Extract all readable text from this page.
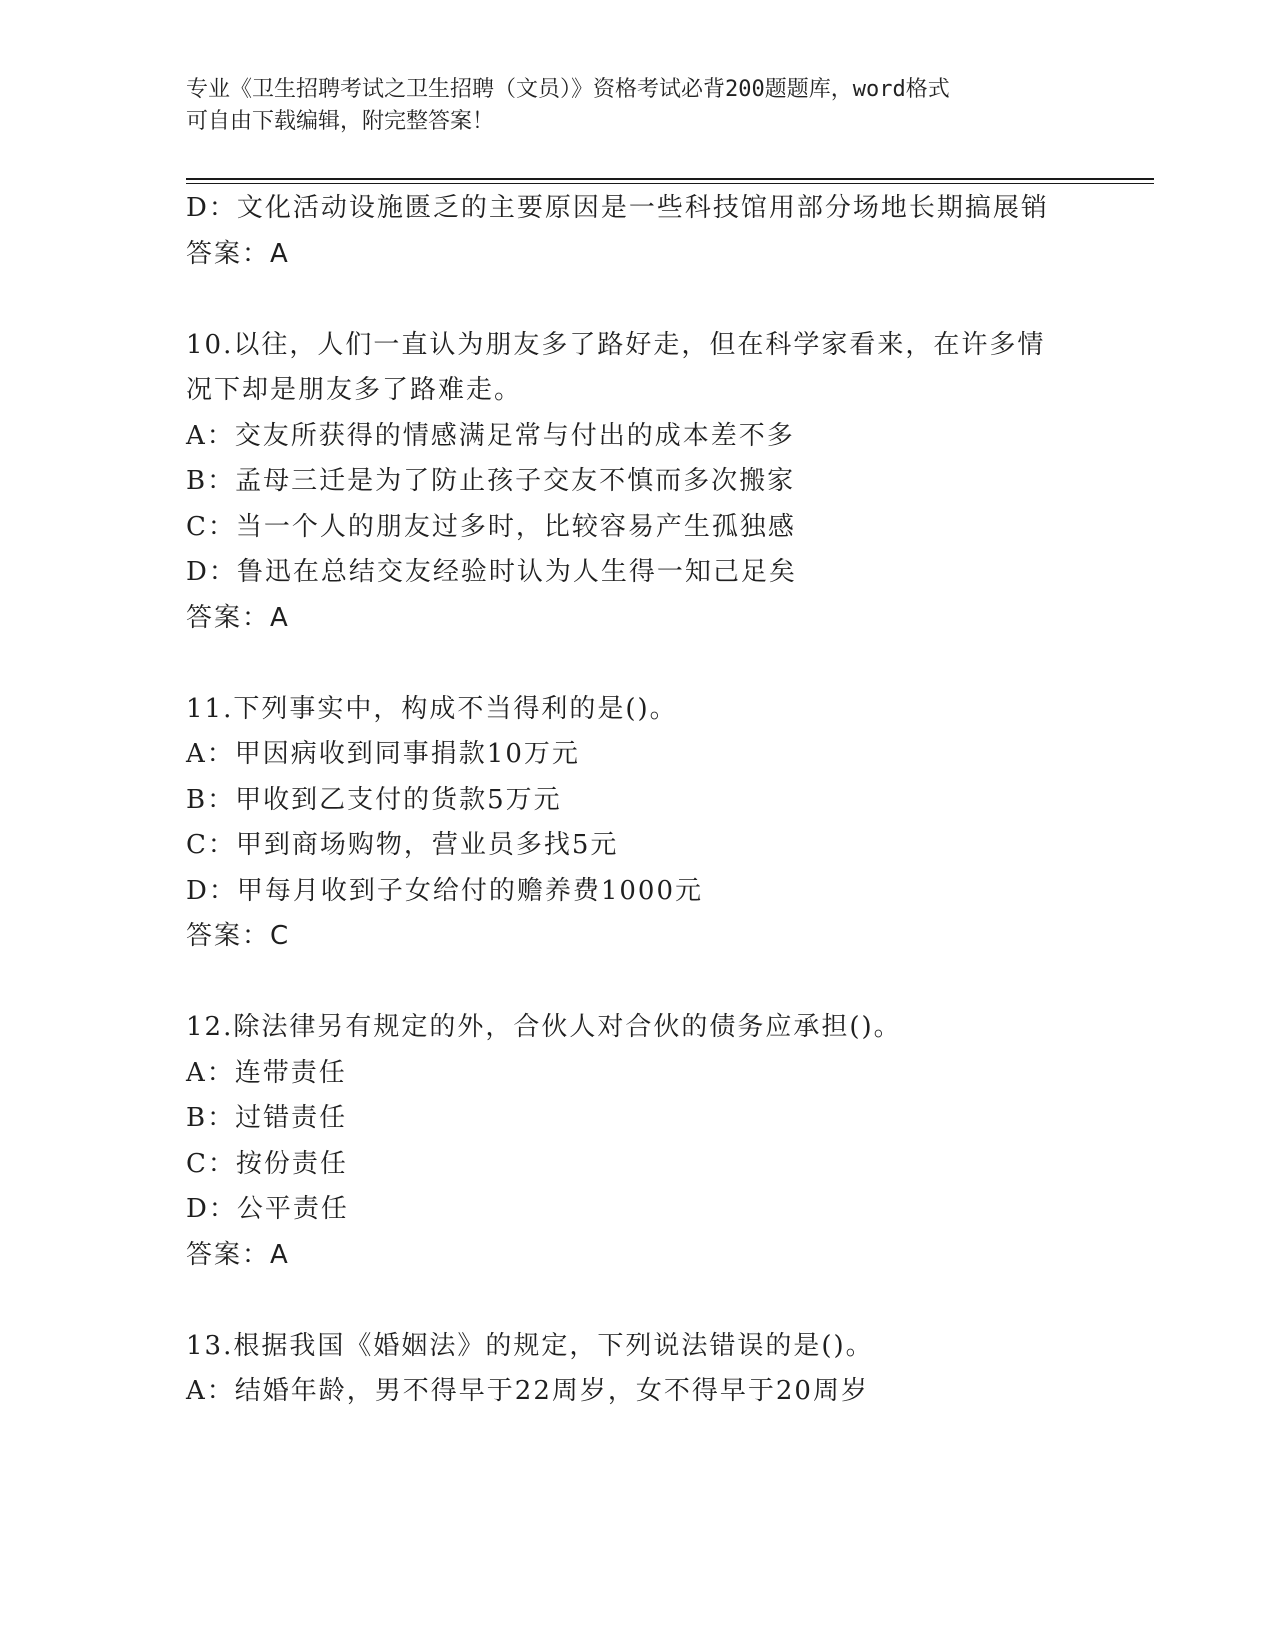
专业《卫生招聘考试之卫生招聘（文员）》资格考试必背200题题库，word格式
可自由下载编辑，附完整答案！
D：文化活动设施匮乏的主要原因是一些科技馆用部分场地长期搞展销
答案：A
10.以往，人们一直认为朋友多了路好走，但在科学家看来，在许多情
况下却是朋友多了路难走。
A：交友所获得的情感满足常与付出的成本差不多
B：孟母三迁是为了防止孩子交友不慎而多次搬家
C：当一个人的朋友过多时，比较容易产生孤独感
D：鲁迅在总结交友经验时认为人生得一知己足矣
答案：A
11.下列事实中，构成不当得利的是()。
A：甲因病收到同事捐款10万元
B：甲收到乙支付的货款5万元
C：甲到商场购物，营业员多找5元
D：甲每月收到子女给付的赡养费1000元
答案：C
12.除法律另有规定的外，合伙人对合伙的债务应承担()。
A：连带责任
B：过错责任
C：按份责任
D：公平责任
答案：A
13.根据我国《婚姻法》的规定，下列说法错误的是()。
A：结婚年龄，男不得早于22周岁，女不得早于20周岁
